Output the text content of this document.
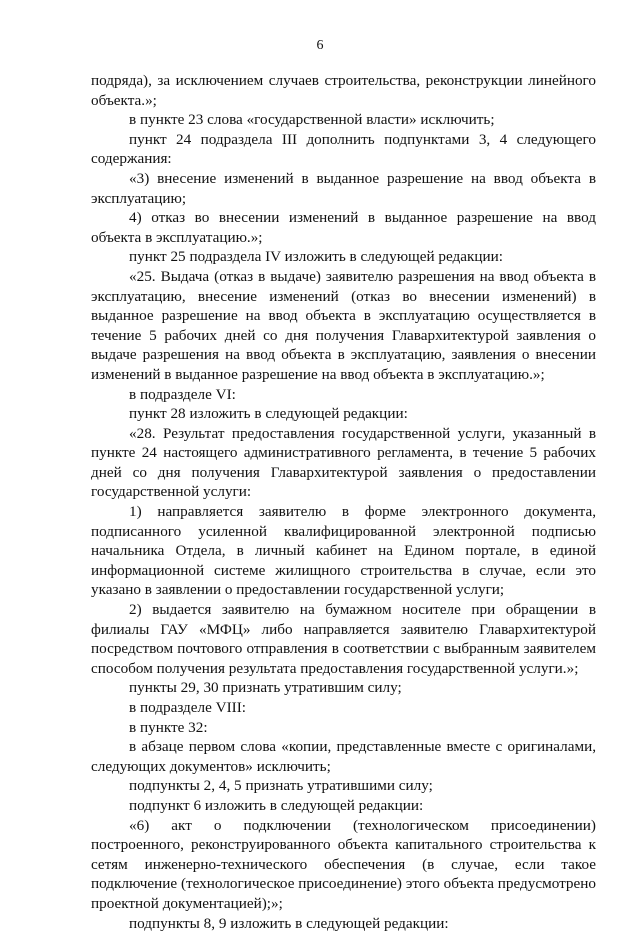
6

подряда), за исключением случаев строительства, реконструкции линейного объекта.»;

в пункте 23 слова «государственной власти» исключить;

пункт 24 подраздела III дополнить подпунктами 3, 4 следующего содержания:

«3) внесение изменений в выданное разрешение на ввод объекта в эксплуатацию;

4) отказ во внесении изменений в выданное разрешение на ввод объекта в эксплуатацию.»;

пункт 25 подраздела IV изложить в следующей редакции:

«25. Выдача (отказ в выдаче) заявителю разрешения на ввод объекта в эксплуатацию, внесение изменений (отказ во внесении изменений) в выданное разрешение на ввод объекта в эксплуатацию осуществляется в течение 5 рабочих дней со дня получения Главархитектурой заявления о выдаче разрешения на ввод объекта в эксплуатацию, заявления о внесении изменений в выданное разрешение на ввод объекта в эксплуатацию.»;

в подразделе VI:

пункт 28 изложить в следующей редакции:

«28. Результат предоставления государственной услуги, указанный в пункте 24 настоящего административного регламента, в течение 5 рабочих дней со дня получения Главархитектурой заявления о предоставлении государственной услуги:

1) направляется заявителю в форме электронного документа, подписанного усиленной квалифицированной электронной подписью начальника Отдела, в личный кабинет на Едином портале, в единой информационной системе жилищного строительства в случае, если это указано в заявлении о предоставлении государственной услуги;

2) выдается заявителю на бумажном носителе при обращении в филиалы ГАУ «МФЦ» либо направляется заявителю Главархитектурой посредством почтового отправления в соответствии с выбранным заявителем способом получения результата предоставления государственной услуги.»;

пункты 29, 30 признать утратившим силу;

в подразделе VIII:

в пункте 32:

в абзаце первом слова «копии, представленные вместе с оригиналами, следующих документов» исключить;

подпункты 2, 4, 5 признать утратившими силу;

подпункт 6 изложить в следующей редакции:

«6) акт о подключении (технологическом присоединении) построенного, реконструированного объекта капитального строительства к сетям инженерно-технического обеспечения (в случае, если такое подключение (технологическое присоединение) этого объекта предусмотрено проектной документацией);»;

подпункты 8, 9 изложить в следующей редакции:
